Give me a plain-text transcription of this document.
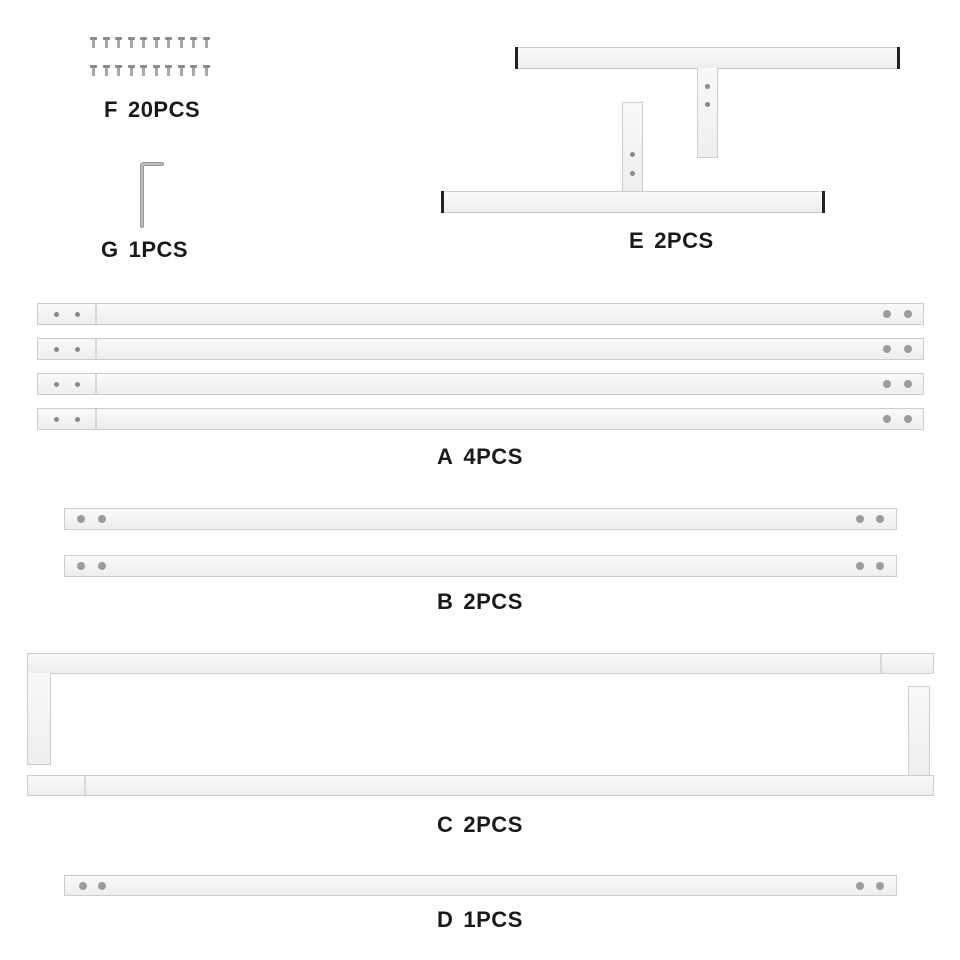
F 20PCS
G 1PCS	E 2PCS
A 4PCS
B 2PCS
C 2PCS
D 1PCS
